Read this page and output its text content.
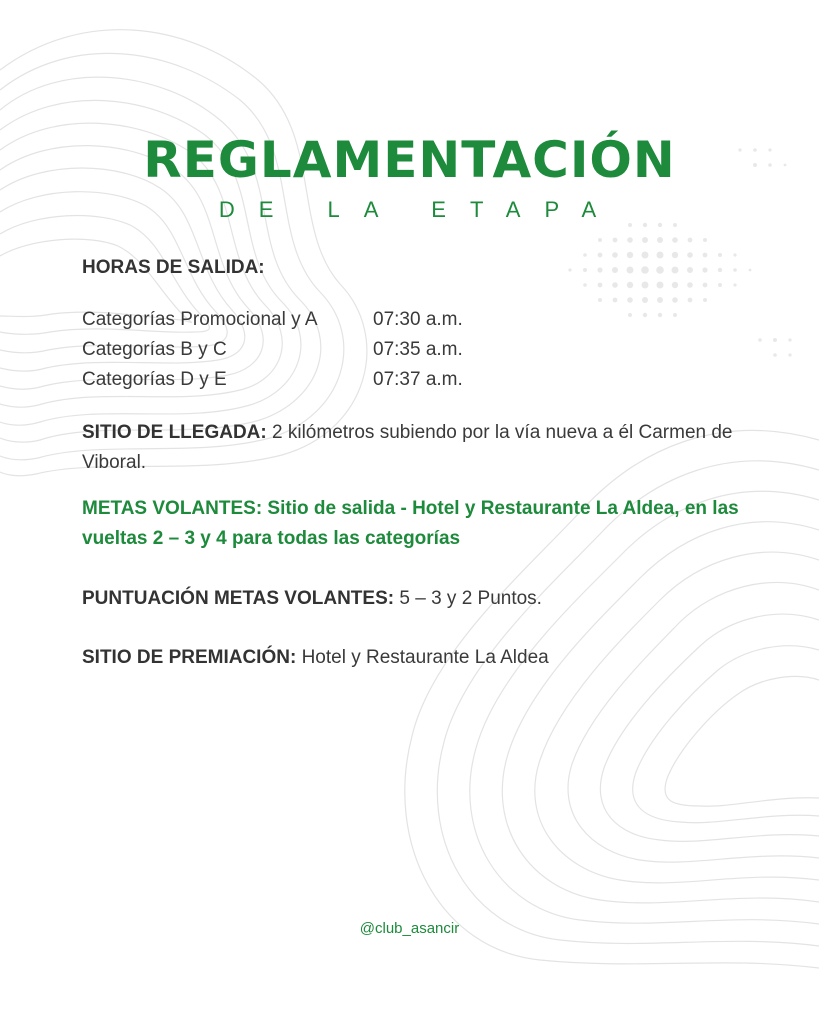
REGLAMENTACIÓN
DE LA ETAPA
HORAS DE SALIDA:
Categorías Promocional y A	07:30 a.m.
Categorías B y C	07:35 a.m.
Categorías D y E	07:37 a.m.
SITIO DE LLEGADA: 2 kilómetros subiendo por la vía nueva a él Carmen de Viboral.
METAS VOLANTES: Sitio de salida - Hotel y Restaurante La Aldea, en las vueltas 2 – 3 y 4 para todas las categorías
PUNTUACIÓN METAS VOLANTES: 5 – 3 y 2 Puntos.
SITIO DE PREMIACIÓN: Hotel y Restaurante La Aldea
@club_asancir
